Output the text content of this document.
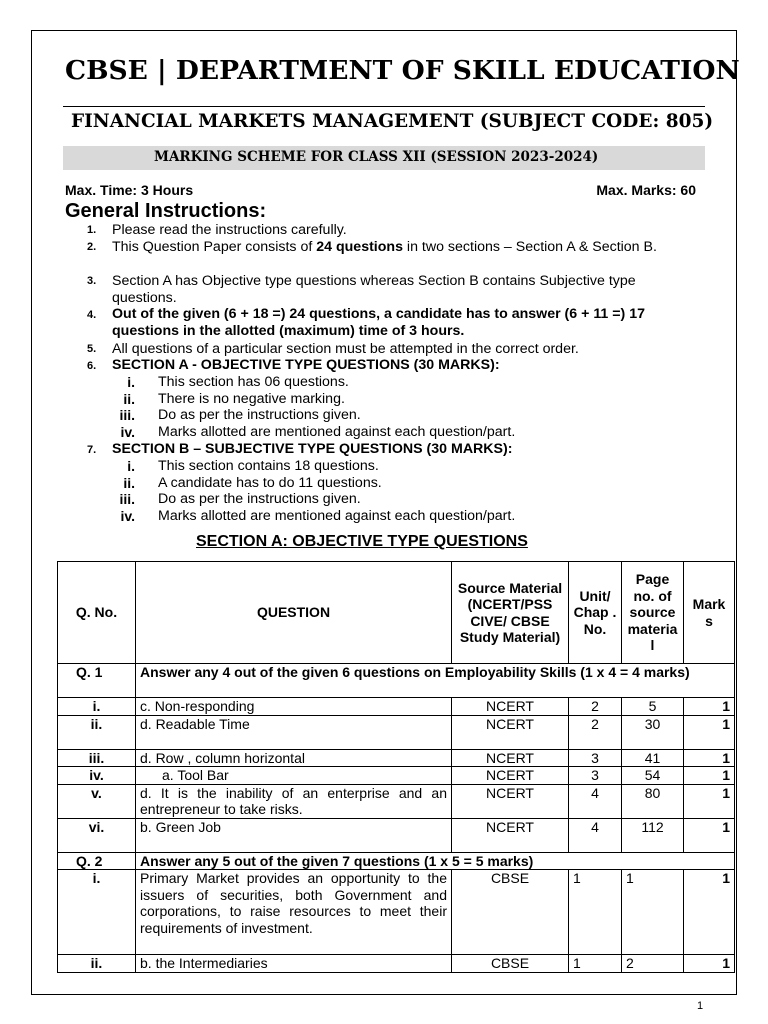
CBSE | DEPARTMENT OF SKILL EDUCATION
FINANCIAL MARKETS MANAGEMENT (SUBJECT CODE: 805)
MARKING SCHEME FOR CLASS XII (SESSION 2023-2024)
Max. Time: 3 Hours	Max. Marks: 60
General Instructions:
1. Please read the instructions carefully.
2. This Question Paper consists of 24 questions in two sections – Section A & Section B.
3. Section A has Objective type questions whereas Section B contains Subjective type questions.
4. Out of the given (6 + 18 =) 24 questions, a candidate has to answer (6 + 11 =) 17 questions in the allotted (maximum) time of 3 hours.
5. All questions of a particular section must be attempted in the correct order.
6. SECTION A - OBJECTIVE TYPE QUESTIONS (30 MARKS):
i. This section has 06 questions.
ii. There is no negative marking.
iii. Do as per the instructions given.
iv. Marks allotted are mentioned against each question/part.
7. SECTION B – SUBJECTIVE TYPE QUESTIONS (30 MARKS):
i. This section contains 18 questions.
ii. A candidate has to do 11 questions.
iii. Do as per the instructions given.
iv. Marks allotted are mentioned against each question/part.
SECTION A: OBJECTIVE TYPE QUESTIONS
Q. No.	QUESTION	Source Material (NCERT/PSS CIVE/ CBSE Study Material)	Unit/ Chap . No.	Page no. of source materia l	Mark s
Q. 1	Answer any 4 out of the given 6 questions on Employability Skills (1 x 4 = 4 marks)				
i.	c. Non-responding	NCERT	2	5	1
ii.	d. Readable Time	NCERT	2	30	1
iii.	d. Row , column horizontal	NCERT	3	41	1
iv.	a. Tool Bar	NCERT	3	54	1
v.	d. It is the inability of an enterprise and an entrepreneur to take risks.	NCERT	4	80	1
vi.	b. Green Job	NCERT	4	112	1
Q. 2	Answer any 5 out of the given 7 questions (1 x 5 = 5 marks)				
i.	Primary Market provides an opportunity to the issuers of securities, both Government and corporations, to raise resources to meet their requirements of investment.	CBSE	1	1	1
ii.	b. the Intermediaries	CBSE	1	2	1
1
